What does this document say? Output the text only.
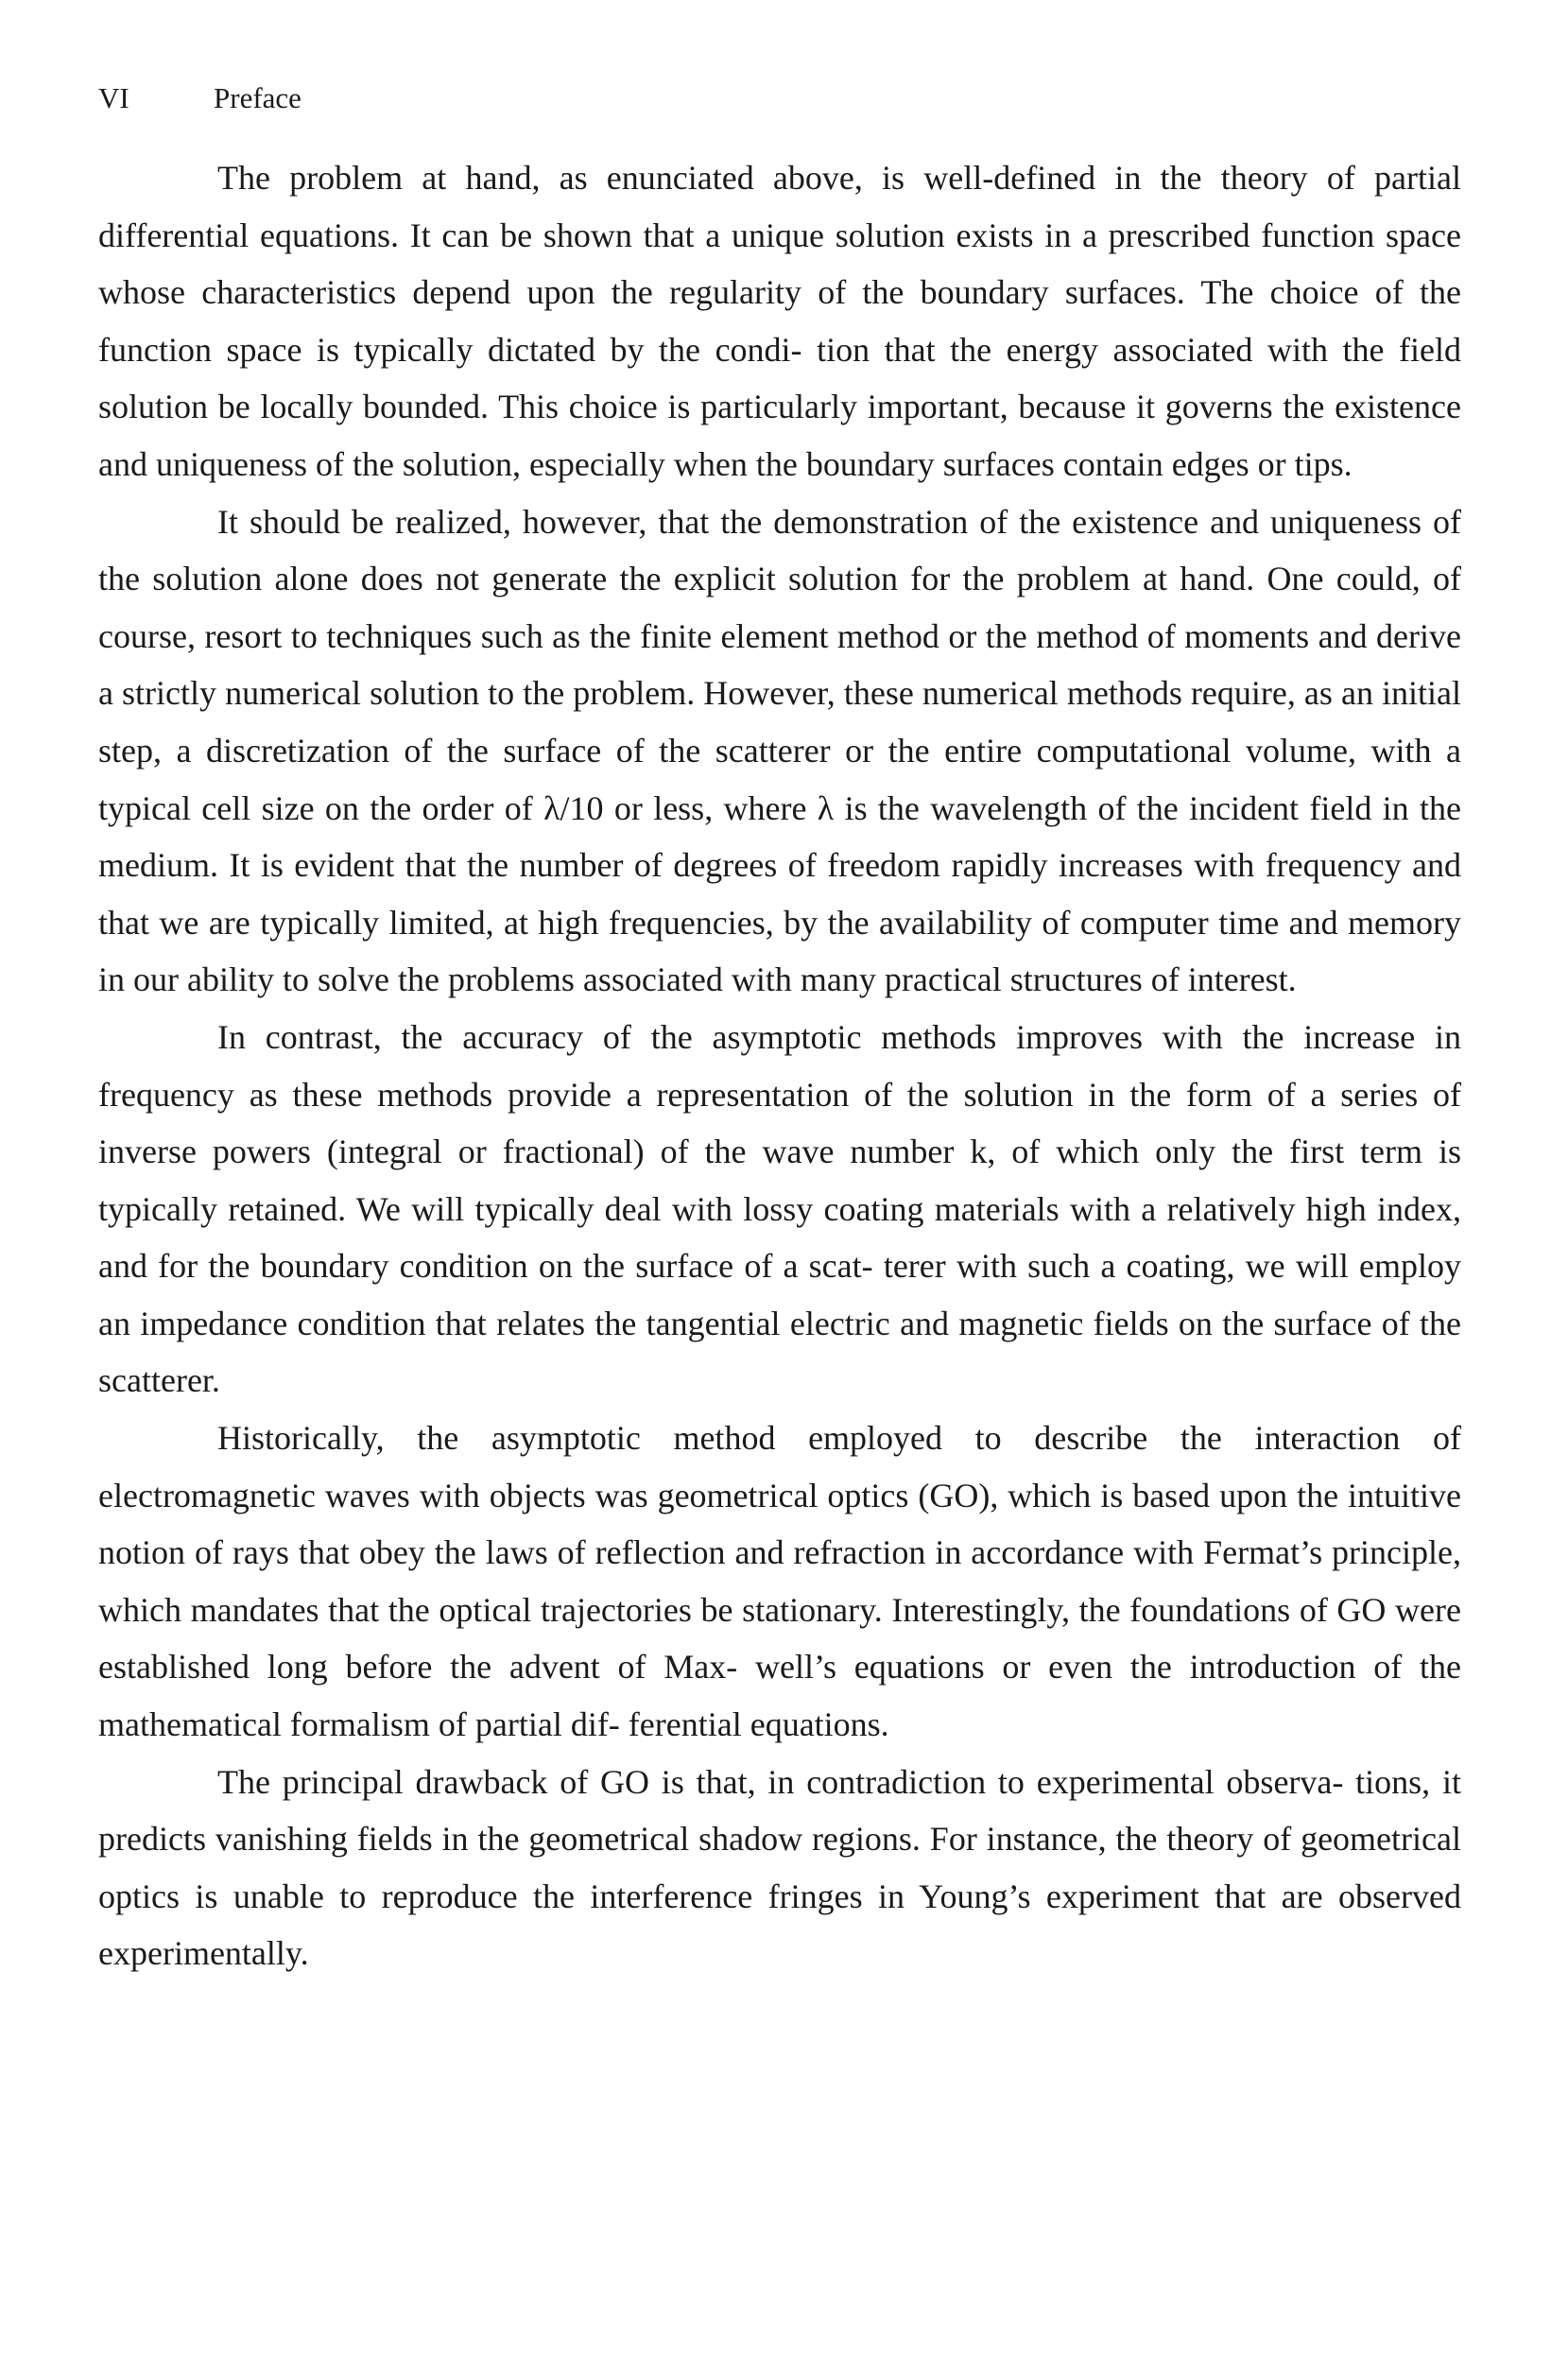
VI	Preface

The problem at hand, as enunciated above, is well-defined in the theory of partial differential equations. It can be shown that a unique solution exists in a prescribed function space whose characteristics depend upon the regularity of the boundary surfaces. The choice of the function space is typically dictated by the condi- tion that the energy associated with the field solution be locally bounded. This choice is particularly important, because it governs the existence and uniqueness of the solution, especially when the boundary surfaces contain edges or tips.

It should be realized, however, that the demonstration of the existence and uniqueness of the solution alone does not generate the explicit solution for the problem at hand. One could, of course, resort to techniques such as the finite element method or the method of moments and derive a strictly numerical solution to the problem. However, these numerical methods require, as an initial step, a discretization of the surface of the scatterer or the entire computational volume, with a typical cell size on the order of λ/10 or less, where λ is the wavelength of the incident field in the medium. It is evident that the number of degrees of freedom rapidly increases with frequency and that we are typically limited, at high frequencies, by the availability of computer time and memory in our ability to solve the problems associated with many practical structures of interest.

In contrast, the accuracy of the asymptotic methods improves with the increase in frequency as these methods provide a representation of the solution in the form of a series of inverse powers (integral or fractional) of the wave number k, of which only the first term is typically retained. We will typically deal with lossy coating materials with a relatively high index, and for the boundary condition on the surface of a scat- terer with such a coating, we will employ an impedance condition that relates the tangential electric and magnetic fields on the surface of the scatterer.

Historically, the asymptotic method employed to describe the interaction of electromagnetic waves with objects was geometrical optics (GO), which is based upon the intuitive notion of rays that obey the laws of reflection and refraction in accordance with Fermat’s principle, which mandates that the optical trajectories be stationary. Interestingly, the foundations of GO were established long before the advent of Max- well’s equations or even the introduction of the mathematical formalism of partial dif- ferential equations.

The principal drawback of GO is that, in contradiction to experimental observa- tions, it predicts vanishing fields in the geometrical shadow regions. For instance, the theory of geometrical optics is unable to reproduce the interference fringes in Young’s experiment that are observed experimentally.
